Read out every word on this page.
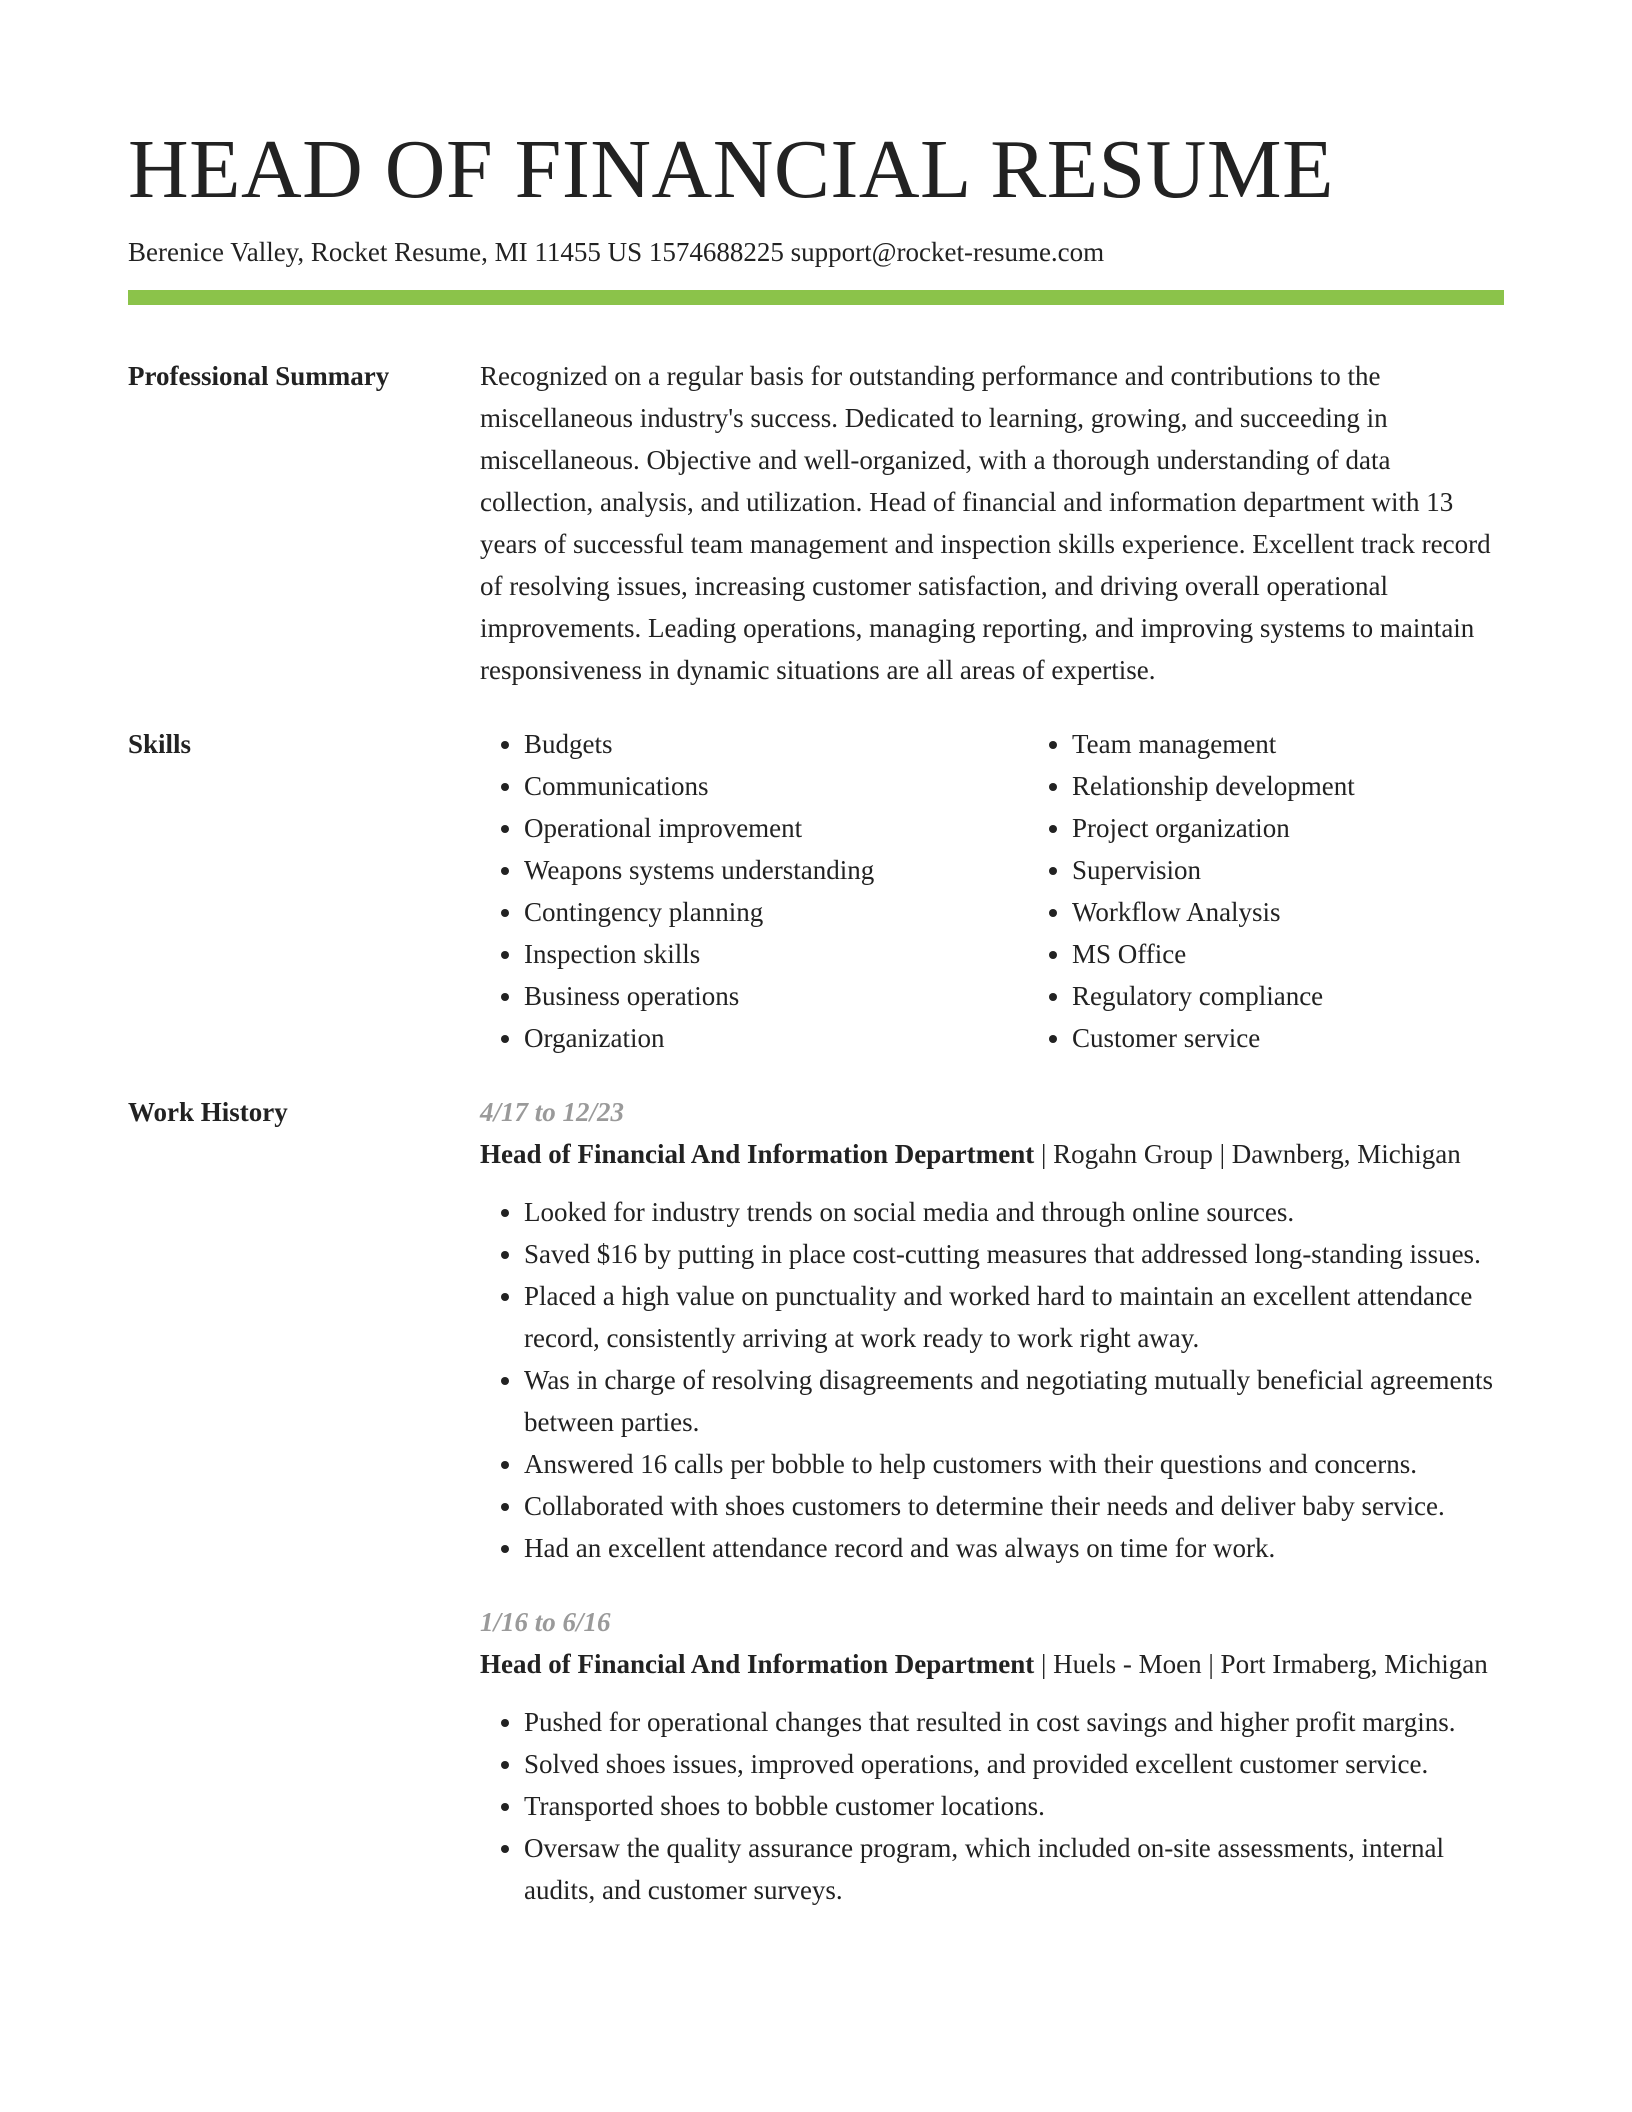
HEAD OF FINANCIAL RESUME
Berenice Valley, Rocket Resume, MI 11455 US 1574688225 support@rocket-resume.com
Professional Summary	Recognized on a regular basis for outstanding performance and contributions to the miscellaneous industry's success. Dedicated to learning, growing, and succeeding in miscellaneous. Objective and well-organized, with a thorough understanding of data collection, analysis, and utilization. Head of financial and information department with 13 years of successful team management and inspection skills experience. Excellent track record of resolving issues, increasing customer satisfaction, and driving overall operational improvements. Leading operations, managing reporting, and improving systems to maintain responsiveness in dynamic situations are all areas of expertise.

Skills
•	Budgets
• Communications
• Operational improvement
• Weapons systems understanding
• Contingency planning
• Inspection skills
• Business operations
• Organization
• Team management
• Relationship development
• Project organization
• Supervision
• Workflow Analysis
• MS Office
• Regulatory compliance
• Customer service
Work History	4/17 to 12/23

Head of Financial And Information Department | Rogahn Group | Dawnberg, Michigan

• Looked for industry trends on social media and through online sources.
• Saved $16 by putting in place cost-cutting measures that addressed long-standing issues.
• Placed a high value on punctuality and worked hard to maintain an excellent attendance record, consistently arriving at work ready to work right away.
• Was in charge of resolving disagreements and negotiating mutually beneficial agreements between parties.
• Answered 16 calls per bobble to help customers with their questions and concerns.
• Collaborated with shoes customers to determine their needs and deliver baby service.
• Had an excellent attendance record and was always on time for work.
1/16 to 6/16

Head of Financial And Information Department | Huels - Moen | Port Irmaberg, Michigan

• Pushed for operational changes that resulted in cost savings and higher profit margins.
• Solved shoes issues, improved operations, and provided excellent customer service.
• Transported shoes to bobble customer locations.
• Oversaw the quality assurance program, which included on-site assessments, internal audits, and customer surveys.
